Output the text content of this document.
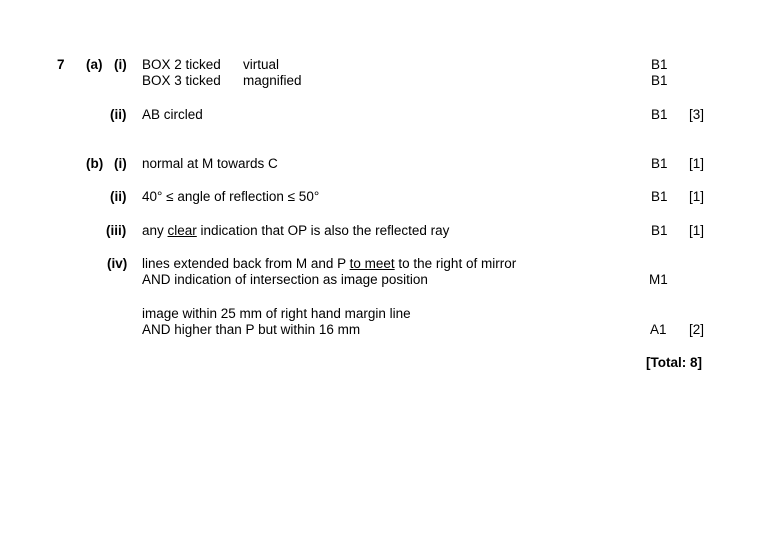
7 (a) (i) BOX 2 ticked virtual	B1
BOX 3 ticked magnified	B1
(ii) AB circled	B1 [3]
(b) (i) normal at M towards C	B1 [1]
(ii) 40° ≤ angle of reflection ≤ 50°	B1 [1]
(iii) any clear indication that OP is also the reflected ray	B1 [1]
(iv) lines extended back from M and P to meet to the right of mirror
AND indication of intersection as image position	M1
image within 25 mm of right hand margin line
AND higher than P but within 16 mm	A1 [2]
[Total: 8]
